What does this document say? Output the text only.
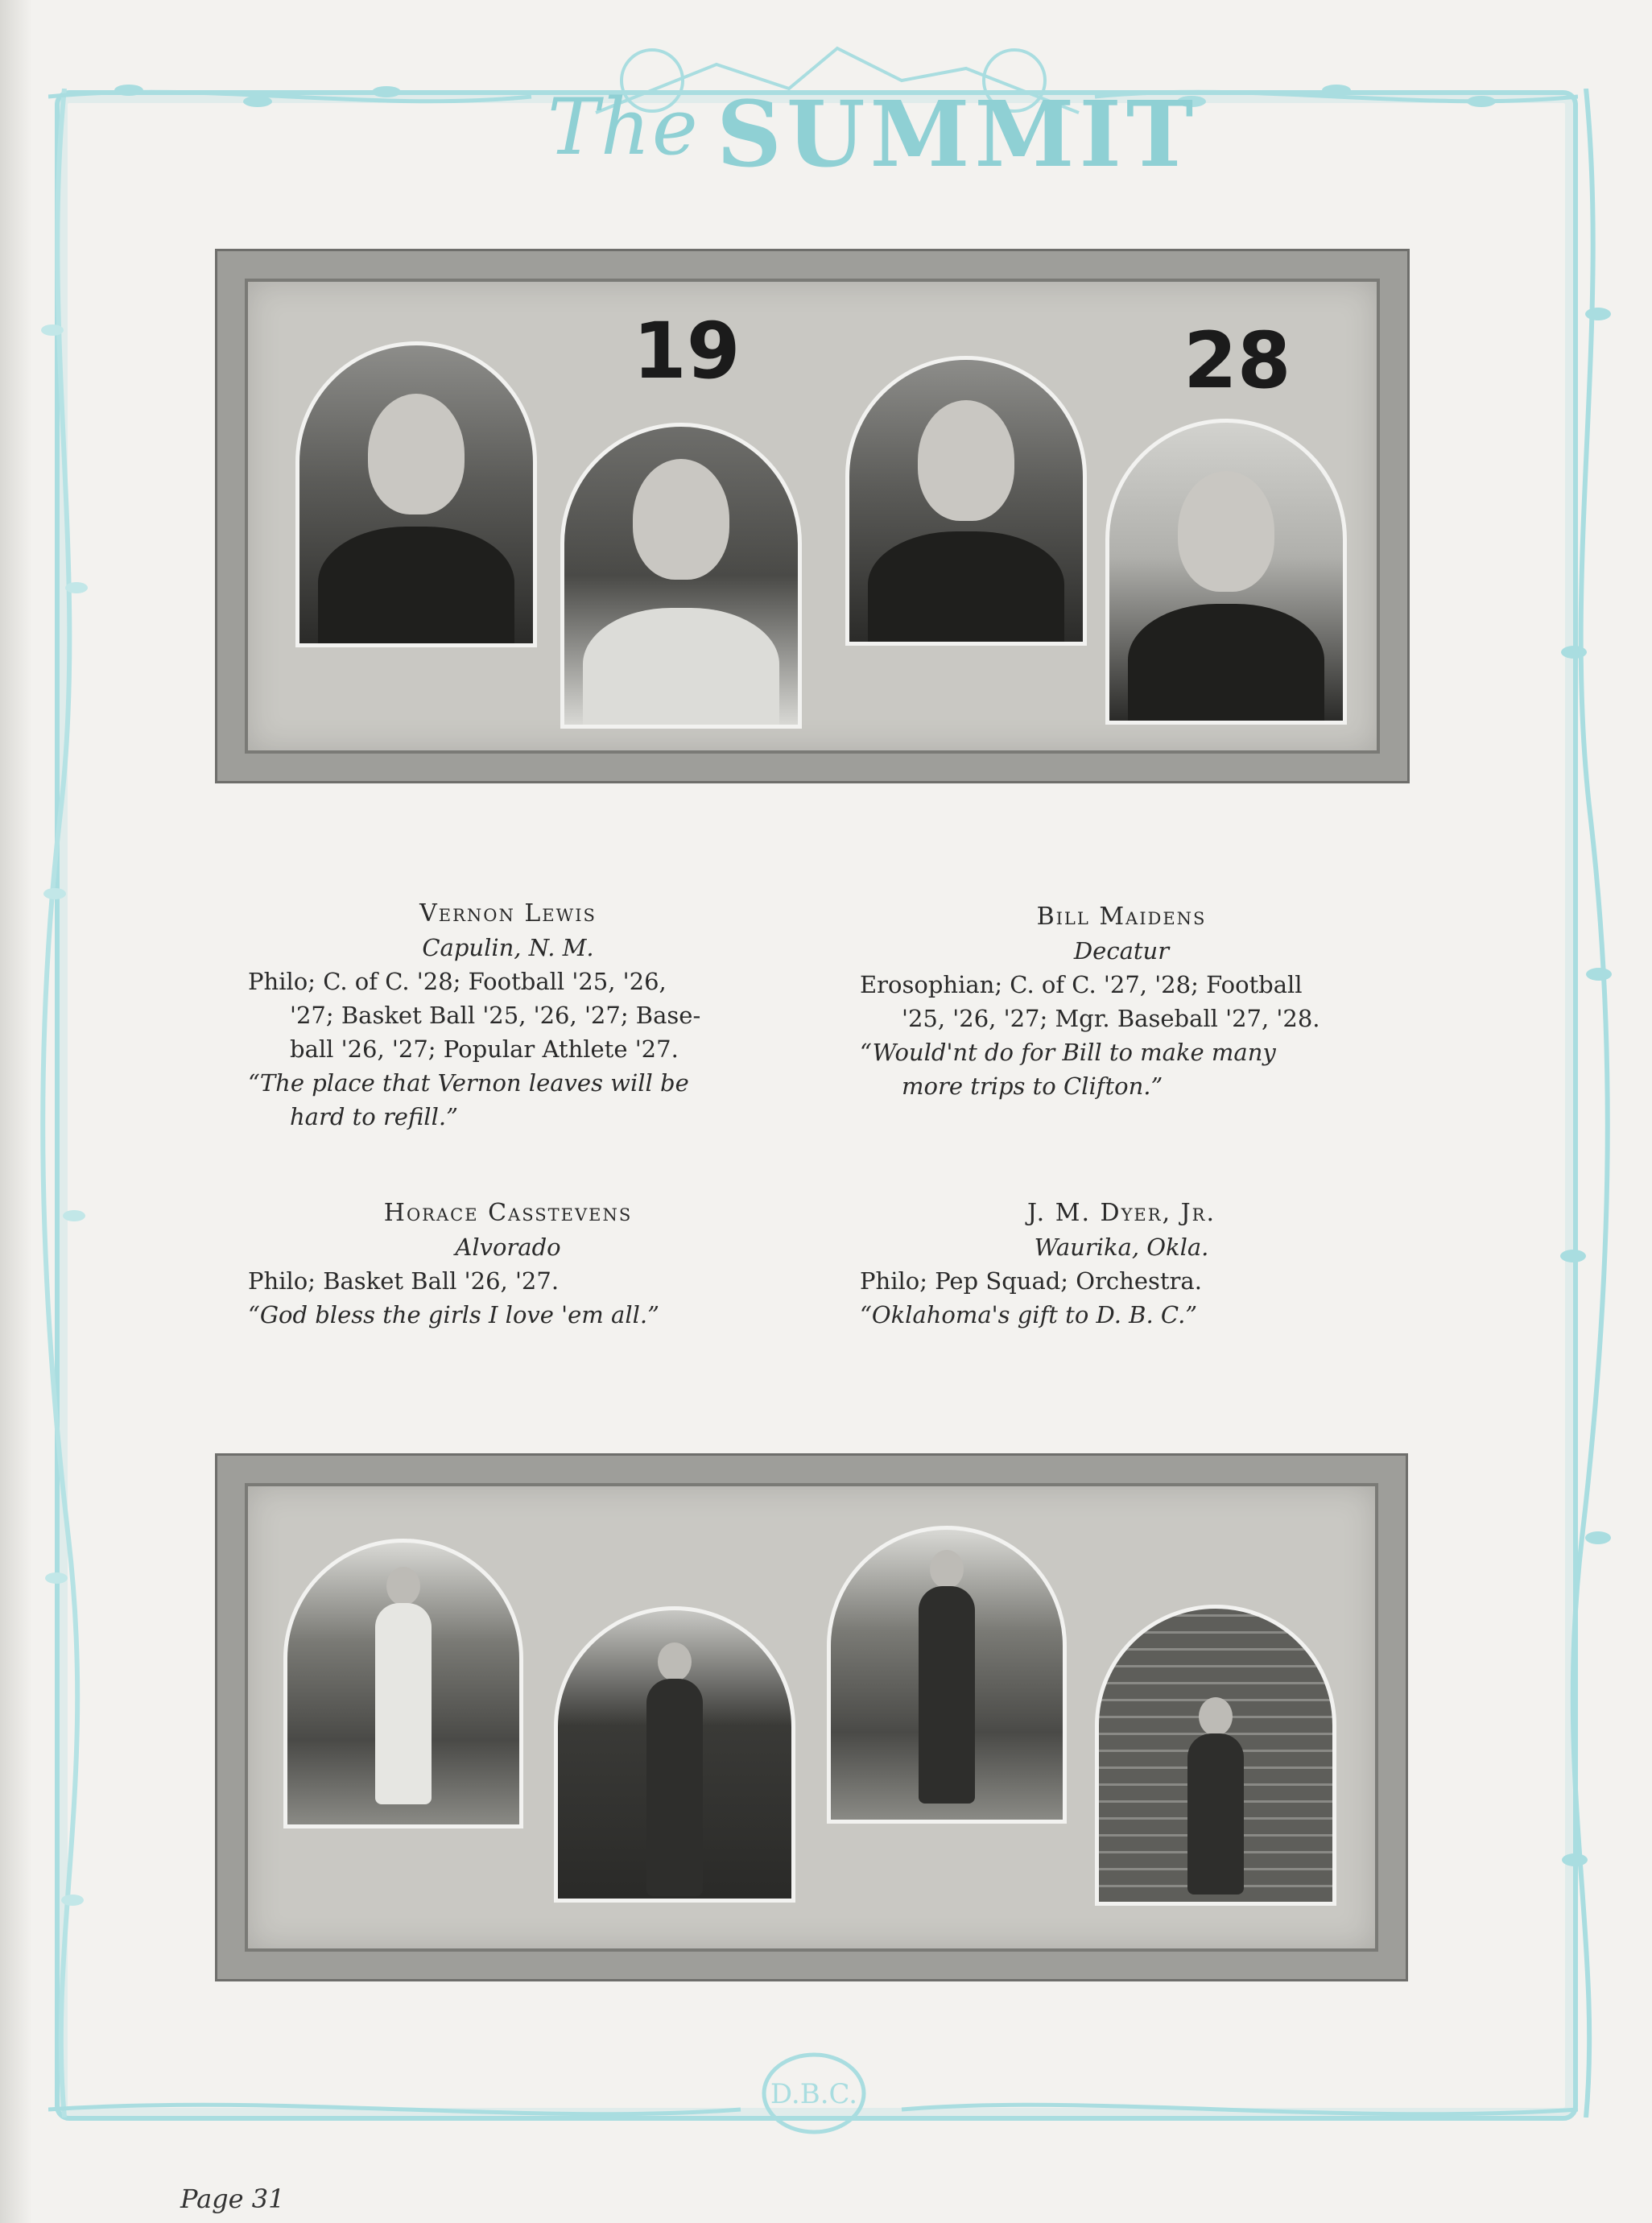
The SUMMIT
19	28
Vernon Lewis
Capulin, N. M.
Philo; C. of C. '28; Football '25, '26,
'27; Basket Ball '25, '26, '27; Base-
ball '26, '27; Popular Athlete '27.
“The place that Vernon leaves will be
hard to refill.”
Bill Maidens
Decatur
Erosophian; C. of C. '27, '28; Football
'25, '26, '27; Mgr. Baseball '27, '28.
“Would'nt do for Bill to make many
more trips to Clifton.”
Horace Casstevens
Alvorado
Philo; Basket Ball '26, '27.
“God bless the girls I love 'em all.”
J. M. Dyer, Jr.
Waurika, Okla.
Philo; Pep Squad; Orchestra.
“Oklahoma's gift to D. B. C.”
D.B.C.
Page 31
